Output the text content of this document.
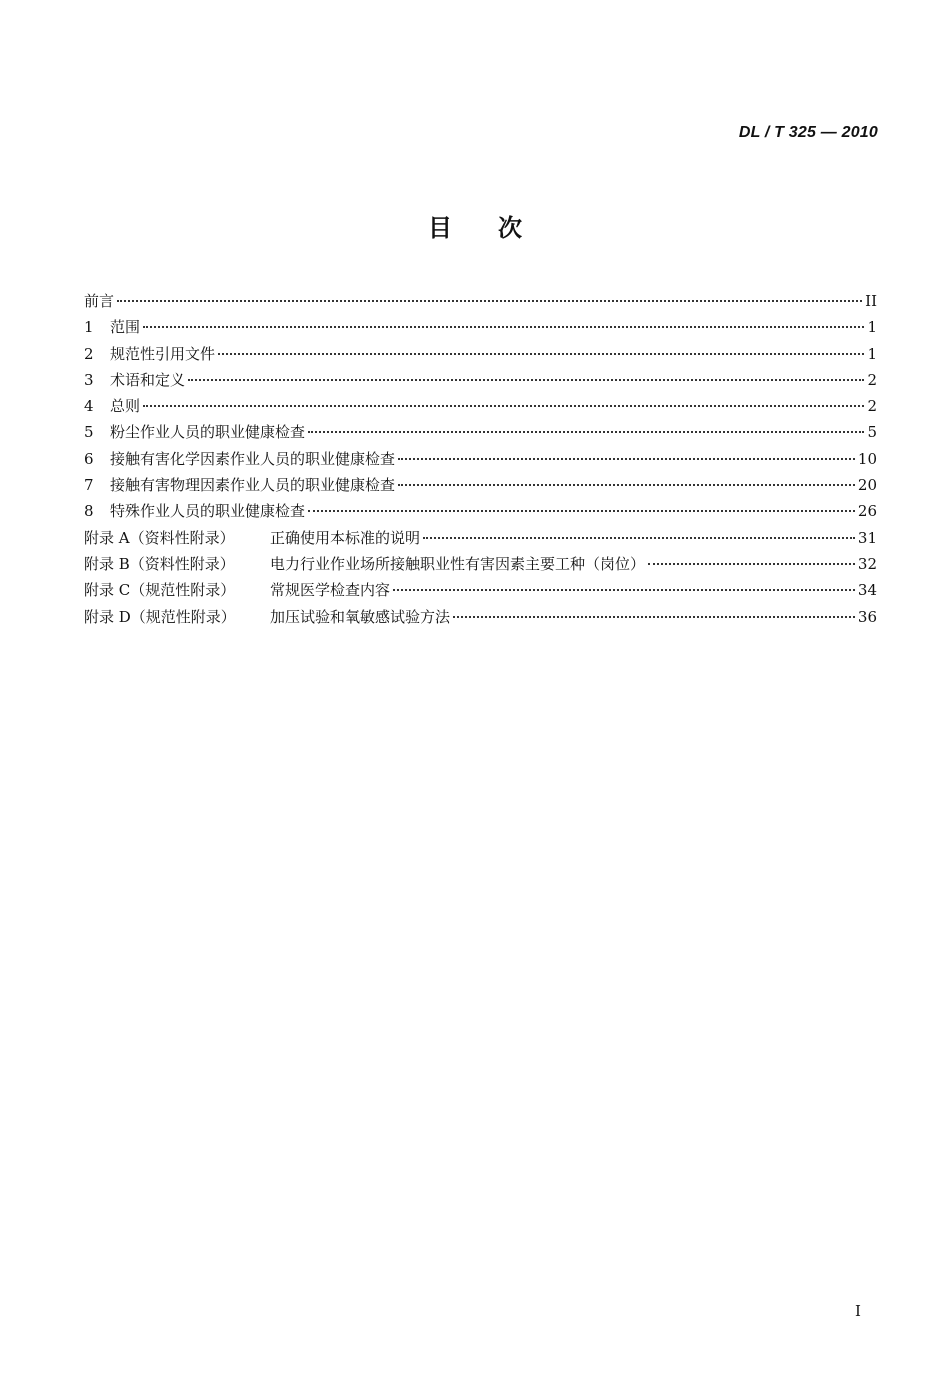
DL / T 325 — 2010
目 次
前言	II
1	范围	1
2	规范性引用文件	1
3	术语和定义	2
4	总则	2
5	粉尘作业人员的职业健康检查	5
6	接触有害化学因素作业人员的职业健康检查	10
7	接触有害物理因素作业人员的职业健康检查	20
8	特殊作业人员的职业健康检查	26
附录 A（资料性附录）	正确使用本标准的说明	31
附录 B（资料性附录）	电力行业作业场所接触职业性有害因素主要工种（岗位）	32
附录 C（规范性附录）	常规医学检查内容	34
附录 D（规范性附录）	加压试验和氧敏感试验方法	36
I
